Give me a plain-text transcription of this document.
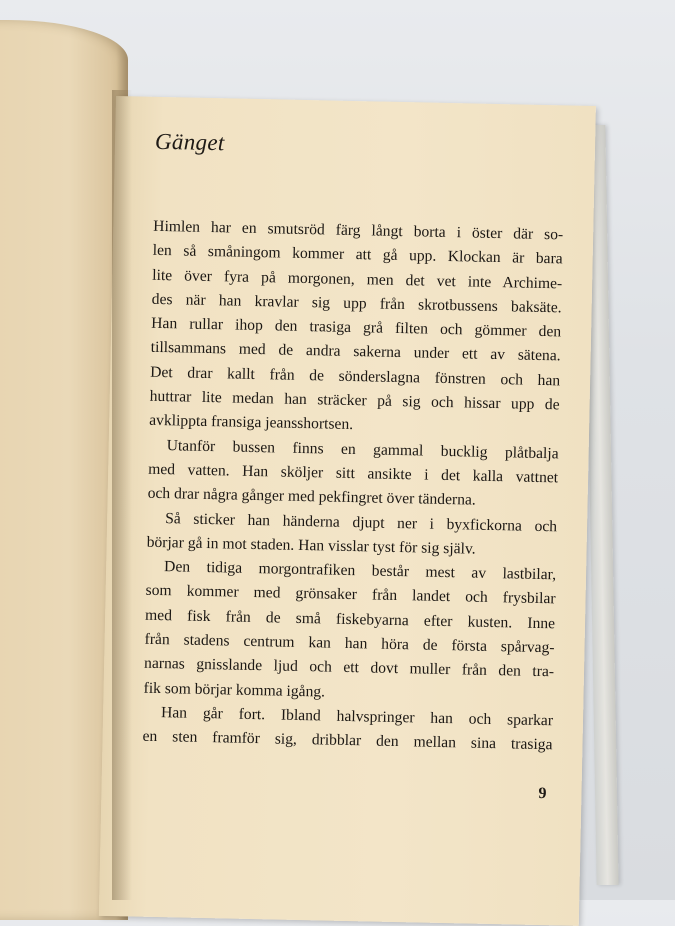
Gänget
Himlen har en smutsröd färg långt borta i öster där so-
len så småningom kommer att gå upp. Klockan är bara
lite över fyra på morgonen, men det vet inte Archime-
des när han kravlar sig upp från skrotbussens baksäte.
Han rullar ihop den trasiga grå filten och gömmer den
tillsammans med de andra sakerna under ett av sätena.
Det drar kallt från de sönderslagna fönstren och han
huttrar lite medan han sträcker på sig och hissar upp de
avklippta fransiga jeansshortsen.
Utanför bussen finns en gammal bucklig plåtbalja
med vatten. Han sköljer sitt ansikte i det kalla vattnet
och drar några gånger med pekfingret över tänderna.
Så sticker han händerna djupt ner i byxfickorna och
börjar gå in mot staden. Han visslar tyst för sig själv.
Den tidiga morgontrafiken består mest av lastbilar,
som kommer med grönsaker från landet och frysbilar
med fisk från de små fiskebyarna efter kusten. Inne
från stadens centrum kan han höra de första spårvag-
narnas gnisslande ljud och ett dovt muller från den tra-
fik som börjar komma igång.
Han går fort. Ibland halvspringer han och sparkar
en sten framför sig, dribblar den mellan sina trasiga
9
